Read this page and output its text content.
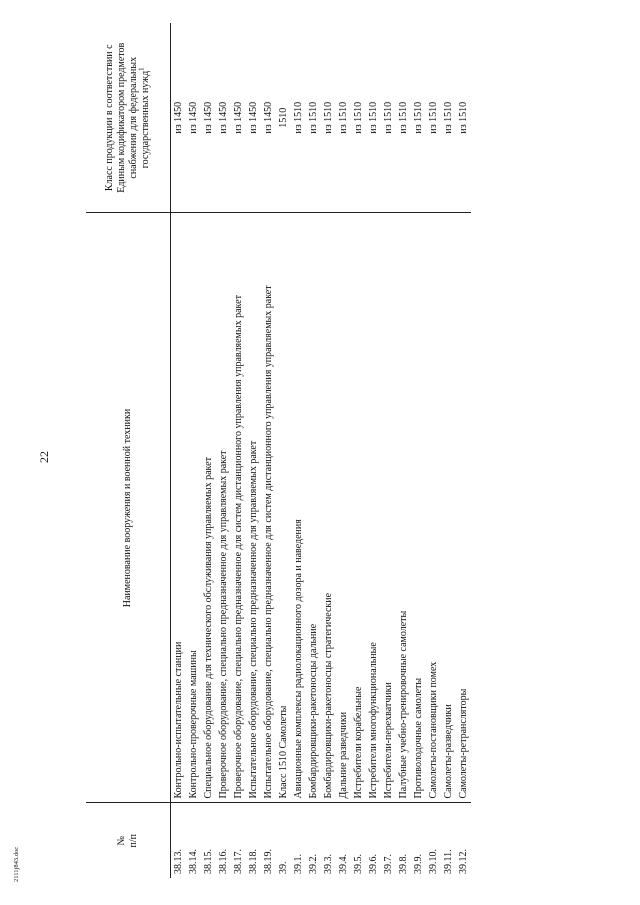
22
№
п/п	Наименование вооружения и военной техники	Класс продукции в соответствии с Единым кодификатором предметов снабжения для федеральных государственных нужд$^1$
38.13.	Контрольно-испытательные станции	из 1450
38.14.	Контрольно-проверочные машины	из 1450
38.15.	Специальное оборудование для технического обслуживания управляемых ракет	из 1450
38.16.	Проверочное оборудование, специально предназначенное для управляемых ракет	из 1450
38.17.	Проверочное оборудование, специально предназначенное для систем дистанционного управления управляемых ракет	из 1450
38.18.	Испытательное оборудование, специально предназначенное для управляемых ракет	из 1450
38.19.	Испытательное оборудование, специально предназначенное для систем дистанционного управления управляемых ракет	из 1450
39.	Класс 1510 Самолеты	1510
39.1.	Авиационные комплексы радиолокационного дозора и наведения	из 1510
39.2.	Бомбардировщики-ракетоносцы дальние	из 1510
39.3.	Бомбардировщики-ракетоносцы стратегические	из 1510
39.4.	Дальние разведчики	из 1510
39.5.	Истребители корабельные	из 1510
39.6.	Истребители многофункциональные	из 1510
39.7.	Истребители-перехватчики	из 1510
39.8.	Палубные учебно-тренировочные самолеты	из 1510
39.9.	Противолодочные самолеты	из 1510
39.10.	Самолеты-постановщики помех	из 1510
39.11.	Самолеты-разведчики	из 1510
39.12.	Самолеты-ретрансляторы	из 1510
2111j843.doc
